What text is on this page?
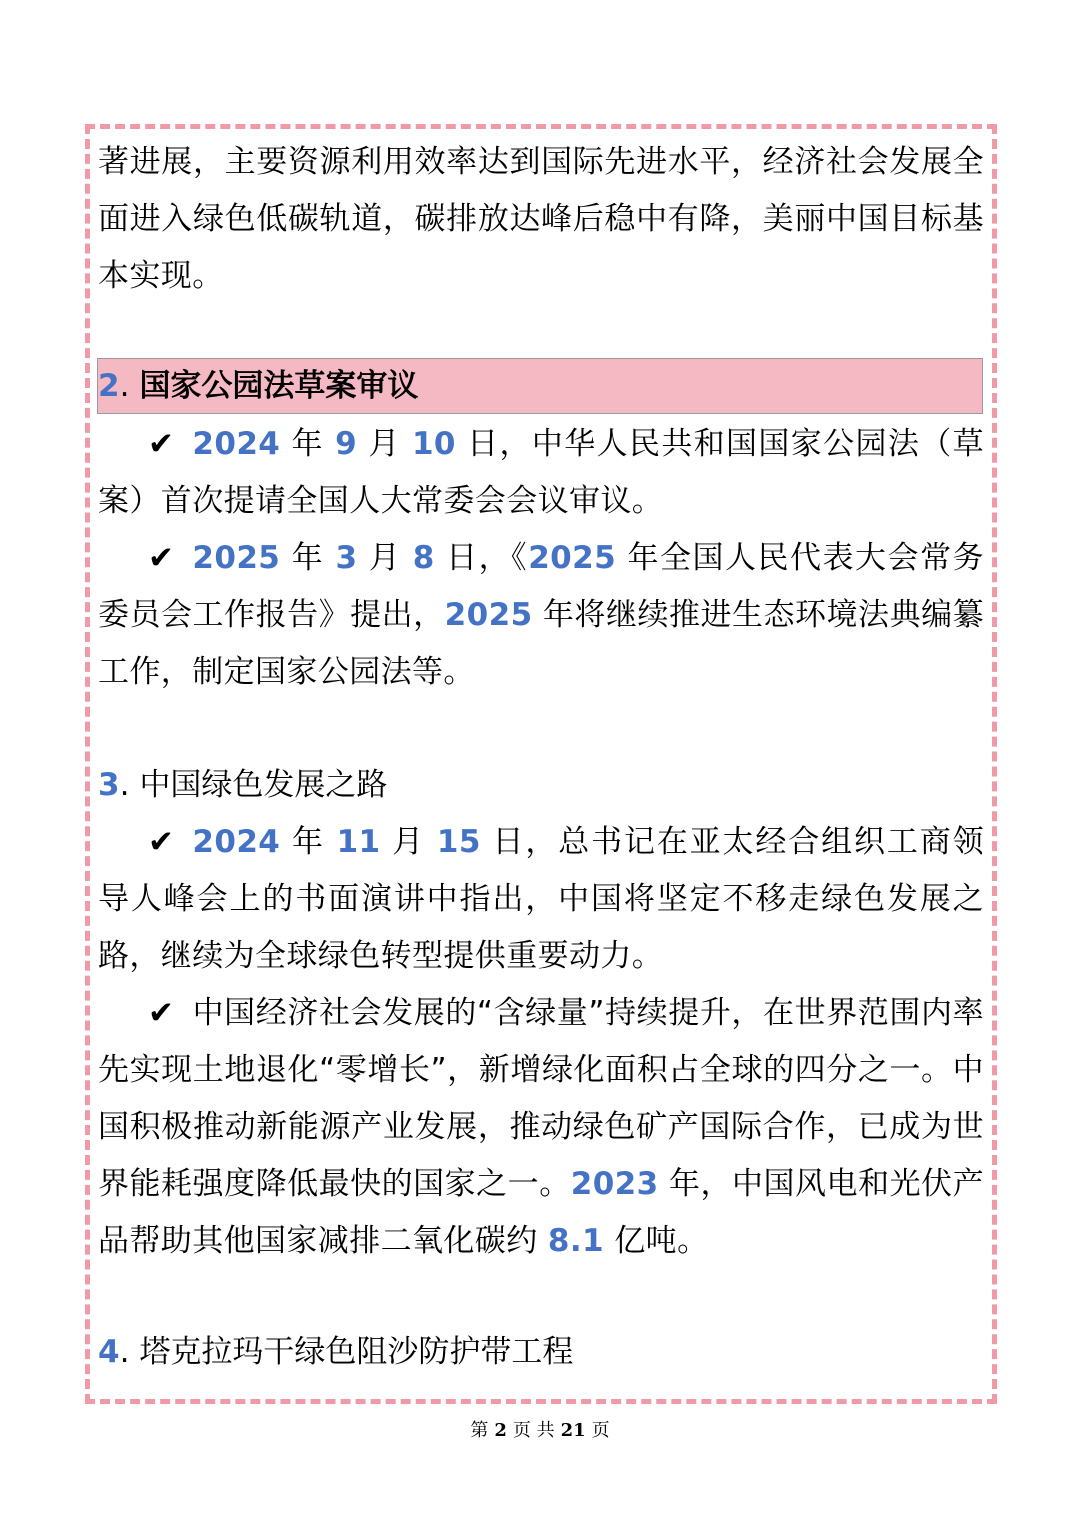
著进展，主要资源利用效率达到国际先进水平，经济社会发展全面进入绿色低碳轨道，碳排放达峰后稳中有降，美丽中国目标基本实现。

2. 国家公园法草案审议

✔ 2024 年 9 月 10 日，中华人民共和国国家公园法（草案）首次提请全国人大常委会会议审议。

✔ 2025 年 3 月 8 日，《2025 年全国人民代表大会常务委员会工作报告》提出，2025 年将继续推进生态环境法典编纂工作，制定国家公园法等。

3. 中国绿色发展之路

✔ 2024 年 11 月 15 日，总书记在亚太经合组织工商领导人峰会上的书面演讲中指出，中国将坚定不移走绿色发展之路，继续为全球绿色转型提供重要动力。

✔ 中国经济社会发展的“含绿量”持续提升，在世界范围内率先实现土地退化“零增长”，新增绿化面积占全球的四分之一。中国积极推动新能源产业发展，推动绿色矿产国际合作，已成为世界能耗强度降低最快的国家之一。2023 年，中国风电和光伏产品帮助其他国家减排二氧化碳约 8.1 亿吨。

4. 塔克拉玛干绿色阻沙防护带工程
第 2 页 共 21 页
